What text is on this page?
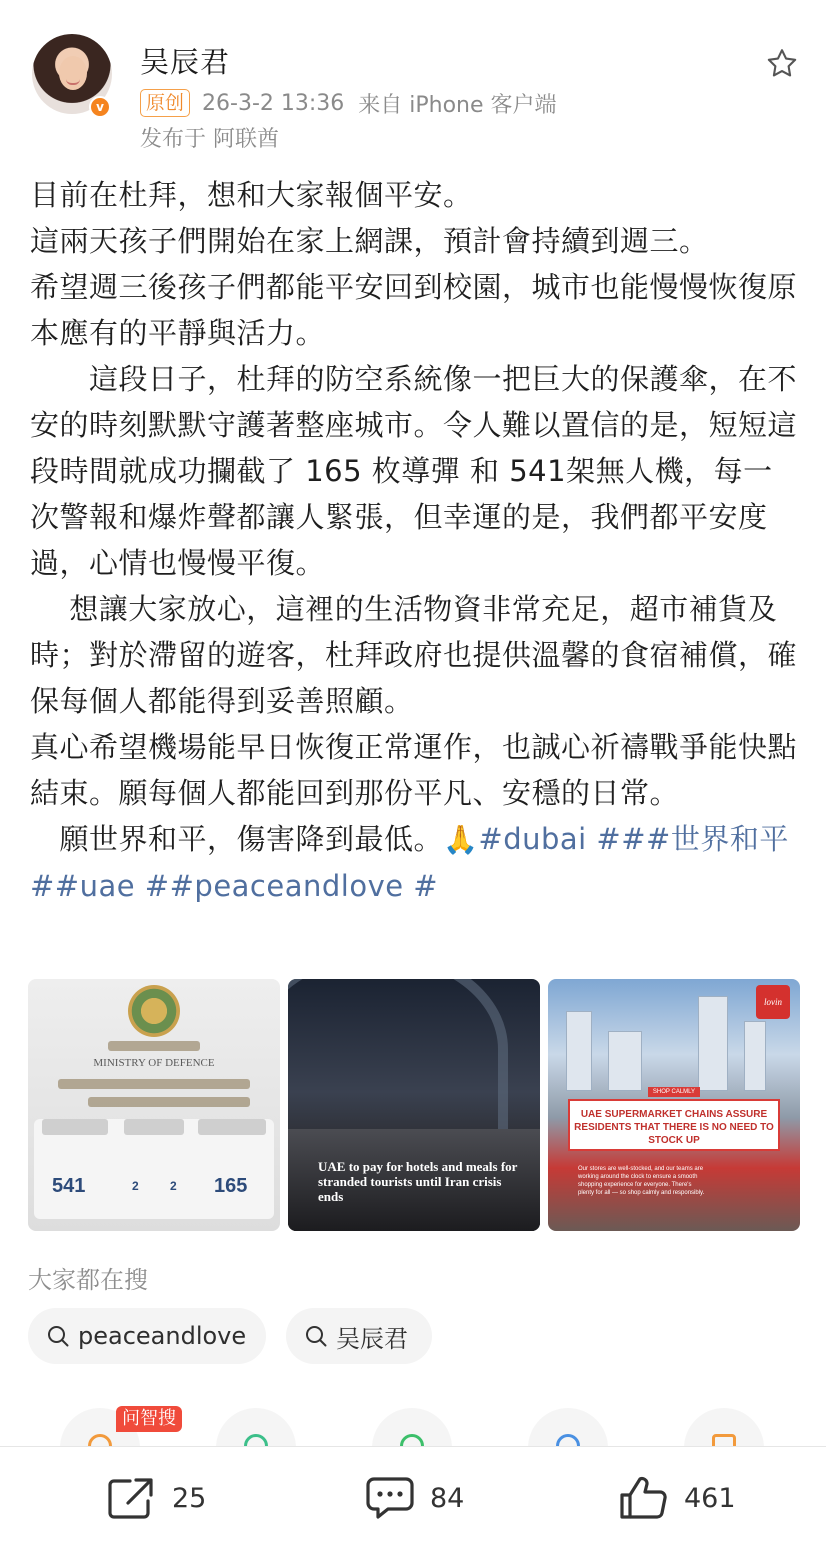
v
吴辰君
原创 26-3-2 13:36 来自 iPhone 客户端
发布于 阿联酋

目前在杜拜，想和大家報個平安。

這兩天孩子們開始在家上網課，預計會持續到週三。

希望週三後孩子們都能平安回到校園，城市也能慢慢恢復原本應有的平靜與活力。

　　這段日子，杜拜的防空系統像一把巨大的保護傘，在不安的時刻默默守護著整座城市。令人難以置信的是，短短這段時間就成功攔截了 165 枚導彈 和 541架無人機，每一次警報和爆炸聲都讓人緊張，但幸運的是，我們都平安度過，心情也慢慢平復。

　 想讓大家放心，這裡的生活物資非常充足，超市補貨及時；對於滯留的遊客，杜拜政府也提供溫馨的食宿補償，確保每個人都能得到妥善照顧。

真心希望機場能早日恢復正常運作，也誠心祈禱戰爭能快點結束。願每個人都能回到那份平凡、安穩的日常。

　願世界和平，傷害降到最低。🙏#dubai ###世界和平##uae ##peaceandlove #

MINISTRY OF DEFENCE
541	2	2 165
UAE to pay for hotels and meals for stranded tourists until Iran crisis ends
lovin
SHOP CALMLY
UAE SUPERMARKET CHAINS ASSURE RESIDENTS THAT THERE IS NO NEED TO STOCK UP
Our stores are well-stocked, and our teams are working around the clock to ensure a smooth shopping experience for everyone. There's plenty for all — so shop calmly and responsibly.
大家都在搜
peaceandlove	吴辰君
问智搜
25	84	461
